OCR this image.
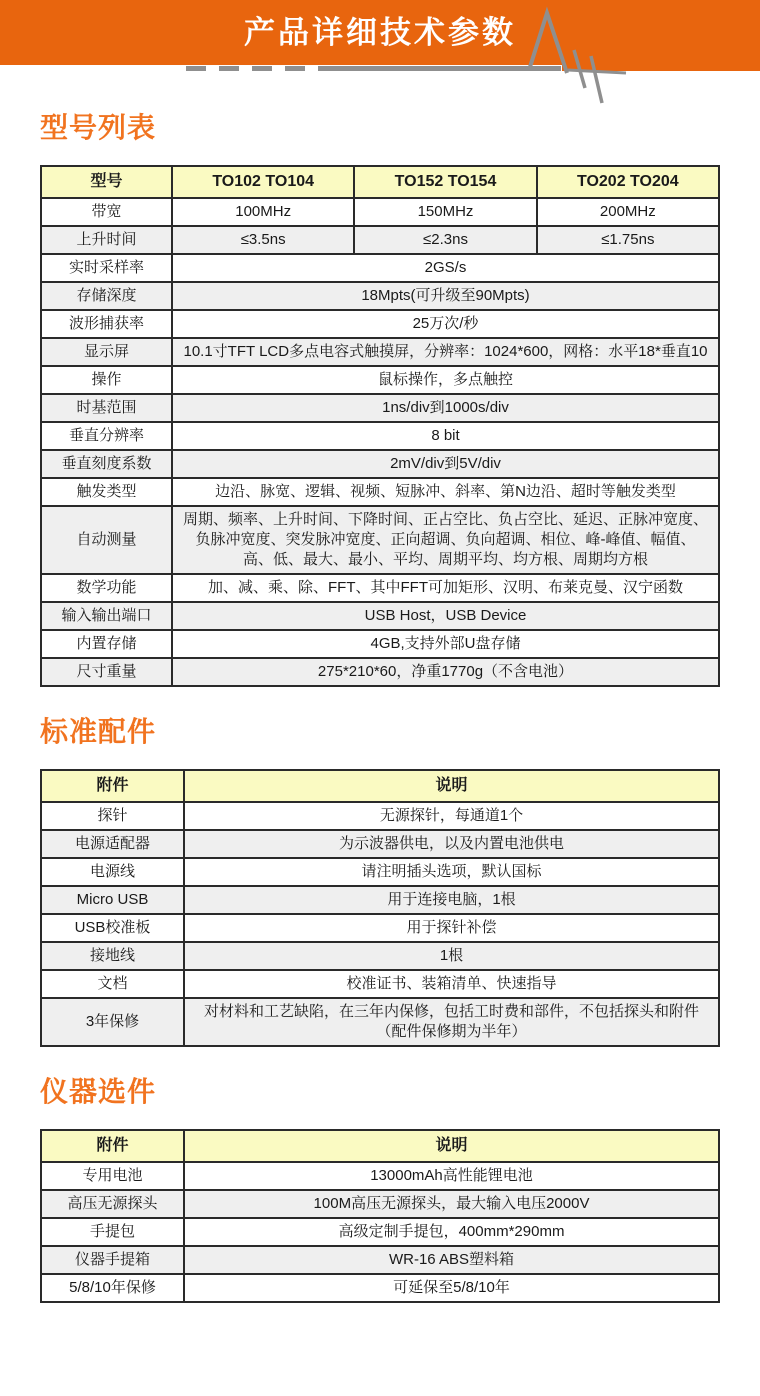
产品详细技术参数
型号列表
型号	TO102 TO104	TO152 TO154	TO202 TO204
带宽	100MHz	150MHz	200MHz
上升时间	≤3.5ns	≤2.3ns	≤1.75ns
实时采样率	2GS/s		
存储深度	18Mpts(可升级至90Mpts)		
波形捕获率	25万次/秒		
显示屏	10.1寸TFT LCD多点电容式触摸屏，分辨率：1024*600，网格：水平18*垂直10		
操作	鼠标操作，多点触控		
时基范围	1ns/div到1000s/div		
垂直分辨率	8 bit		
垂直刻度系数	2mV/div到5V/div		
触发类型	边沿、脉宽、逻辑、视频、短脉冲、斜率、第N边沿、超时等触发类型		
自动测量	周期、频率、上升时间、下降时间、正占空比、负占空比、延迟、正脉冲宽度、负脉冲宽度、突发脉冲宽度、正向超调、负向超调、相位、峰-峰值、幅值、高、低、最大、最小、平均、周期平均、均方根、周期均方根		
数学功能	加、减、乘、除、FFT、其中FFT可加矩形、汉明、布莱克曼、汉宁函数		
输入输出端口	USB Host，USB Device		
内置存储	4GB,支持外部U盘存储		
尺寸重量	275*210*60，净重1770g（不含电池）		
标准配件
附件	说明
探针	无源探针，每通道1个
电源适配器	为示波器供电，以及内置电池供电
电源线	请注明插头选项，默认国标
Micro USB	用于连接电脑，1根
USB校准板	用于探针补偿
接地线	1根
文档	校准证书、装箱清单、快速指导
3年保修	对材料和工艺缺陷，在三年内保修，包括工时费和部件，不包括探头和附件（配件保修期为半年）
仪器选件
附件	说明
专用电池	13000mAh高性能锂电池
高压无源探头	100M高压无源探头，最大输入电压2000V
手提包	高级定制手提包，400mm*290mm
仪器手提箱	WR-16 ABS塑料箱
5/8/10年保修	可延保至5/8/10年
